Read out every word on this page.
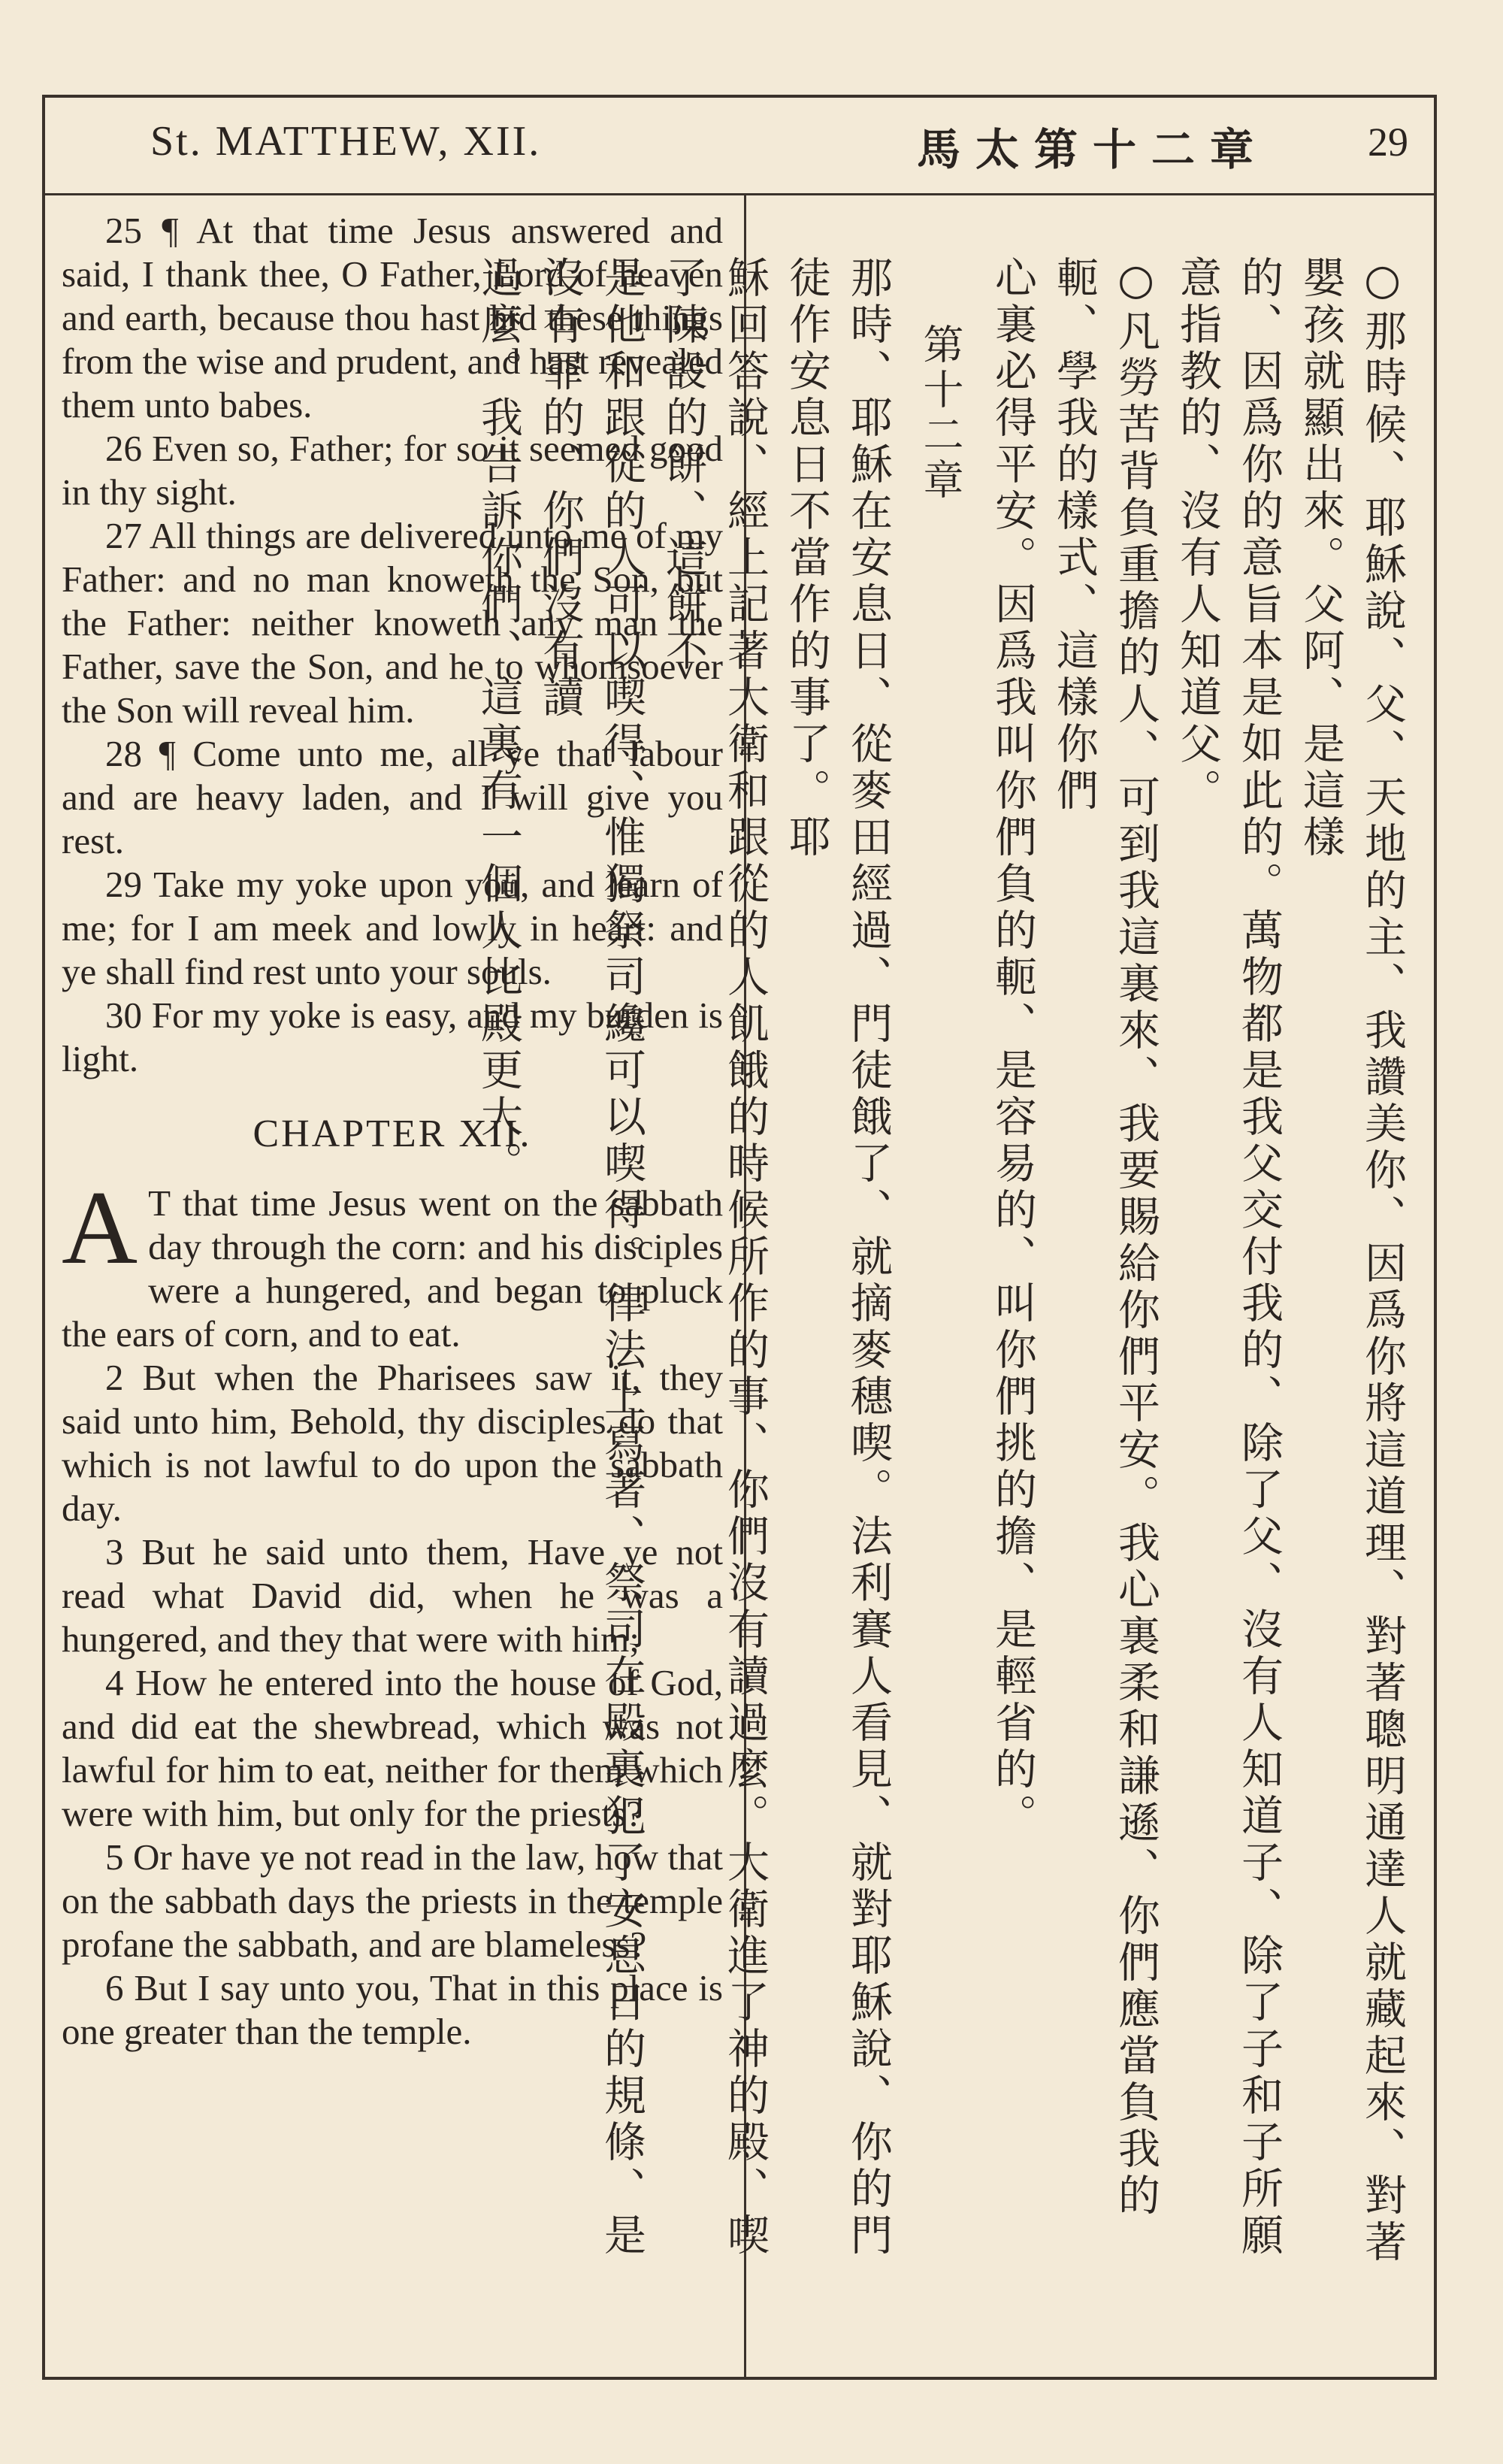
St. MATTHEW, XII.	馬太第十二章 29

25 ¶ At that time Jesus answered and said, I thank thee, O Father, Lord of heaven and earth, because thou hast hid these things from the wise and prudent, and hast revealed them unto babes.

26 Even so, Father; for so it seemed good in thy sight.

27 All things are delivered unto me of my Father: and no man knoweth the Son, but the Father: neither knoweth any man the Father, save the Son, and he to whomsoever the Son will reveal him.

28 ¶ Come unto me, all ye that labour and are heavy laden, and I will give you rest.

29 Take my yoke upon you, and learn of me; for I am meek and lowly in heart: and ye shall find rest unto your souls.

30 For my yoke is easy, and my burden is light.

CHAPTER XII.

A T that time Jesus went on the sabbath day through the corn: and his disciples were a hungered, and began to pluck the ears of corn, and to eat.

2 But when the Pharisees saw it, they said unto him, Behold, thy disciples do that which is not lawful to do upon the sabbath day.

3 But he said unto them, Have ye not read what David did, when he was a hungered, and they that were with him;

4 How he entered into the house of God, and did eat the shewbread, which was not lawful for him to eat, neither for them which were with him, but only for the priests?

5 Or have ye not read in the law, how that on the sabbath days the priests in the temple profane the sabbath, and are blameless?

6 But I say unto you, That in this place is one greater than the temple.	○那時候、耶穌說、父、天地的主、我讚美你、因爲你將這道理、對著聰明通達人就藏起來、對著嬰孩就顯出來。父阿、是這樣

的、因爲你的意旨本是如此的。萬物都是我父交付我的、除了父、沒有人知道子、除了子和子所願意指教的、沒有人知道父。

○凡勞苦背負重擔的人、可到我這裏來、我要賜給你們平安。我心裏柔和謙遜、你們應當負我的軛、學我的樣式、這樣你們

心裏必得平安。因爲我叫你們負的軛、是容易的、叫你們挑的擔、是輕省的。

第十二章

那時、耶穌在安息日、從麥田經過、門徒餓了、就摘麥穗喫。法利賽人看見、就對耶穌說、你的門徒作安息日不當作的事了。耶

穌回答說、經上記著大衛和跟從的人飢餓的時候所作的事、你們沒有讀過麼。大衛進了神的殿、喫了陳設的餅、這餅不

是他和跟從的人可以喫得、惟獨祭司纔可以喫得。律法上寫著、祭司在殿裏犯了安息日的規條、是沒有罪的、你們沒有讀

過麼。我告訴你們、這裏有一個人比殿更大。
